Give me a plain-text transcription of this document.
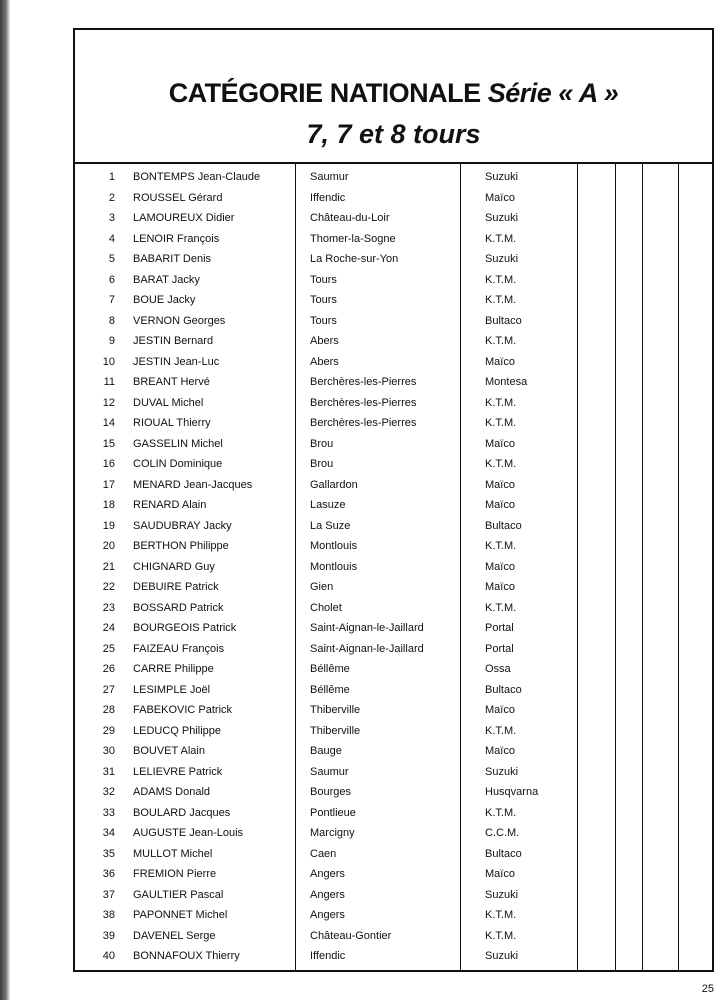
CATÉGORIE NATIONALE Série « A »
7, 7 et 8 tours
1 BONTEMPS Jean-Claude	Saumur	Suzuki
2 ROUSSEL Gérard	Iffendic	Maïco
3 LAMOUREUX Didier	Château-du-Loir	Suzuki
4 LENOIR François	Thomer-la-Sogne	K.T.M.
5 BABARIT Denis	La Roche-sur-Yon	Suzuki
6 BARAT Jacky	Tours	K.T.M.
7 BOUE Jacky	Tours	K.T.M.
8 VERNON Georges	Tours	Bultaco
9 JESTIN Bernard	Abers	K.T.M.
10 JESTIN Jean-Luc	Abers	Maïco
11 BREANT Hervé	Berchères-les-Pierres	Montesa
12 DUVAL Michel	Berchères-les-Pierres	K.T.M.
14 RIOUAL Thierry	Berchères-les-Pierres	K.T.M.
15 GASSELIN Michel	Brou	Maïco
16 COLIN Dominique	Brou	K.T.M.
17 MENARD Jean-Jacques	Gallardon	Maïco
18 RENARD Alain	Lasuze	Maïco
19 SAUDUBRAY Jacky	La Suze	Bultaco
20 BERTHON Philippe	Montlouis	K.T.M.
21 CHIGNARD Guy	Montlouis	Maïco
22 DEBUIRE Patrick	Gien	Maïco
23 BOSSARD Patrick	Cholet	K.T.M.
24 BOURGEOIS Patrick	Saint-Aignan-le-Jaillard	Portal
25 FAIZEAU François	Saint-Aignan-le-Jaillard	Portal
26 CARRE Philippe	Béllême	Ossa
27 LESIMPLE Joël	Béllême	Bultaco
28 FABEKOVIC Patrick	Thiberville	Maïco
29 LEDUCQ Philippe	Thiberville	K.T.M.
30 BOUVET Alain	Bauge	Maïco
31 LELIEVRE Patrick	Saumur	Suzuki
32 ADAMS Donald	Bourges	Husqvarna
33 BOULARD Jacques	Pontlieue	K.T.M.
34 AUGUSTE Jean-Louis	Marcigny	C.C.M.
35 MULLOT Michel	Caen	Bultaco
36 FREMION Pierre	Angers	Maïco
37 GAULTIER Pascal	Angers	Suzuki
38 PAPONNET Michel	Angers	K.T.M.
39 DAVENEL Serge	Château-Gontier	K.T.M.
40 BONNAFOUX Thierry	Iffendic	Suzuki
25
